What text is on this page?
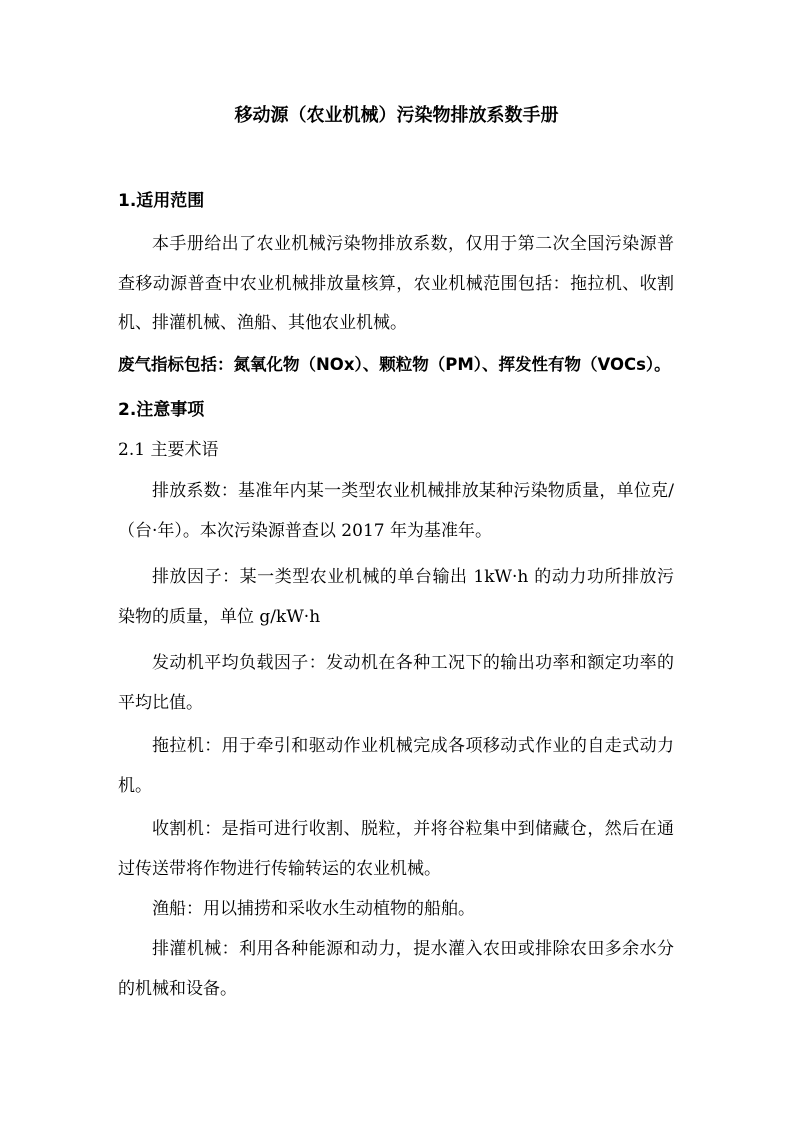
移动源（农业机械）污染物排放系数手册
1.适用范围

本手册给出了农业机械污染物排放系数，仅用于第二次全国污染源普查移动源普查中农业机械排放量核算，农业机械范围包括：拖拉机、收割机、排灌机械、渔船、其他农业机械。

废气指标包括：氮氧化物（NOx）、颗粒物（PM）、挥发性有物（VOCs）。
2.注意事项
2.1 主要术语

排放系数：基准年内某一类型农业机械排放某种污染物质量，单位克/（台·年）。本次污染源普查以 2017 年为基准年。

排放因子：某一类型农业机械的单台输出 1kW·h 的动力功所排放污染物的质量，单位 g/kW·h

发动机平均负载因子：发动机在各种工况下的输出功率和额定功率的平均比值。

拖拉机：用于牵引和驱动作业机械完成各项移动式作业的自走式动力机。

收割机：是指可进行收割、脱粒，并将谷粒集中到储藏仓，然后在通过传送带将作物进行传输转运的农业机械。

渔船：用以捕捞和采收水生动植物的船舶。

排灌机械：利用各种能源和动力，提水灌入农田或排除农田多余水分的机械和设备。
